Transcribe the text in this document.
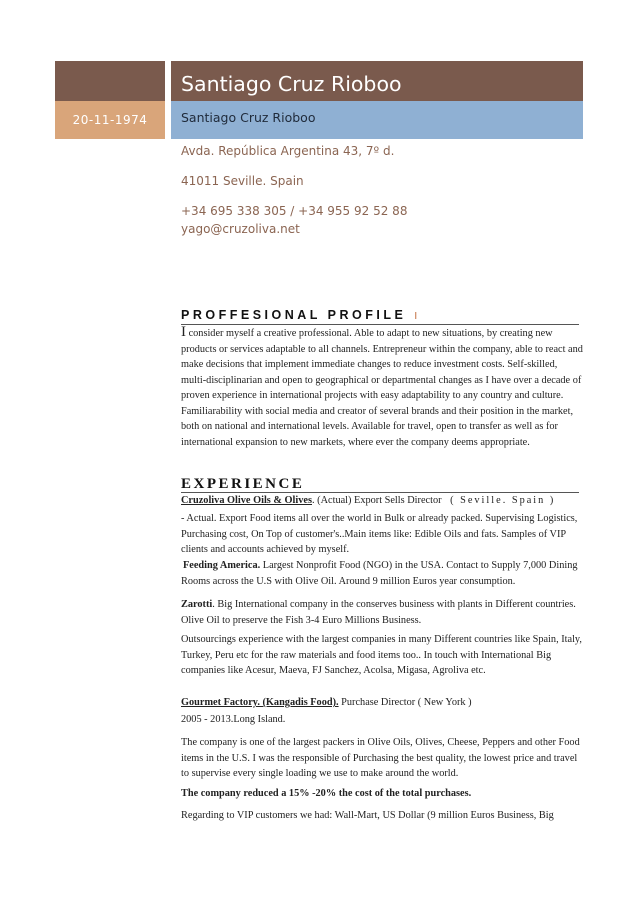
20-11-1974
Santiago Cruz Rioboo
Santiago Cruz Rioboo
Avda. República Argentina 43, 7º d.
41011 Seville. Spain
+34 695 338 305 / +34 955 92 52 88
yago@cruzoliva.net
PROFFESIONAL PROFILE I
I consider myself a creative professional. Able to adapt to new situations, by creating new products or services adaptable to all channels. Entrepreneur within the company, able to react and make decisions that implement immediate changes to reduce investment costs. Self-skilled, multi-disciplinarian and open to geographical or departmental changes as I have over a decade of proven experience in international projects with easy adaptability to any country and culture. Familiarability with social media and creator of several brands and their position in the market, both on national and international levels. Available for travel, open to transfer as well as for international expansion to new markets, where ever the company deems appropriate.
EXPERIENCE
Cruzoliva Olive Oils & Olives. (Actual) Export Sells Director ( Seville. Spain )
- Actual. Export Food items all over the world in Bulk or already packed. Supervising Logistics, Purchasing cost, On Top of customer's..Main items like: Edible Oils and fats. Samples of VIP clients and accounts achieved by myself.
Feeding America. Largest Nonprofit Food (NGO) in the USA. Contact to Supply 7,000 Dining Rooms across the U.S with Olive Oil. Around 9 million Euros year consumption.
Zarotti. Big International company in the conserves business with plants in Different countries. Olive Oil to preserve the Fish 3-4 Euro Millions Business.
Outsourcings experience with the largest companies in many Different countries like Spain, Italy, Turkey, Peru etc for the raw materials and food items too.. In touch with International Big companies like Acesur, Maeva, FJ Sanchez, Acolsa, Migasa, Agroliva etc.
Gourmet Factory. (Kangadis Food). Purchase Director ( New York )
2005 - 2013.Long Island.
The company is one of the largest packers in Olive Oils, Olives, Cheese, Peppers and other Food items in the U.S. I was the responsible of Purchasing the best quality, the lowest price and travel to supervise every single loading we use to make around the world.
The company reduced a 15% -20% the cost of the total purchases.
Regarding to VIP customers we had: Wall-Mart, US Dollar (9 million Euros Business, Big
